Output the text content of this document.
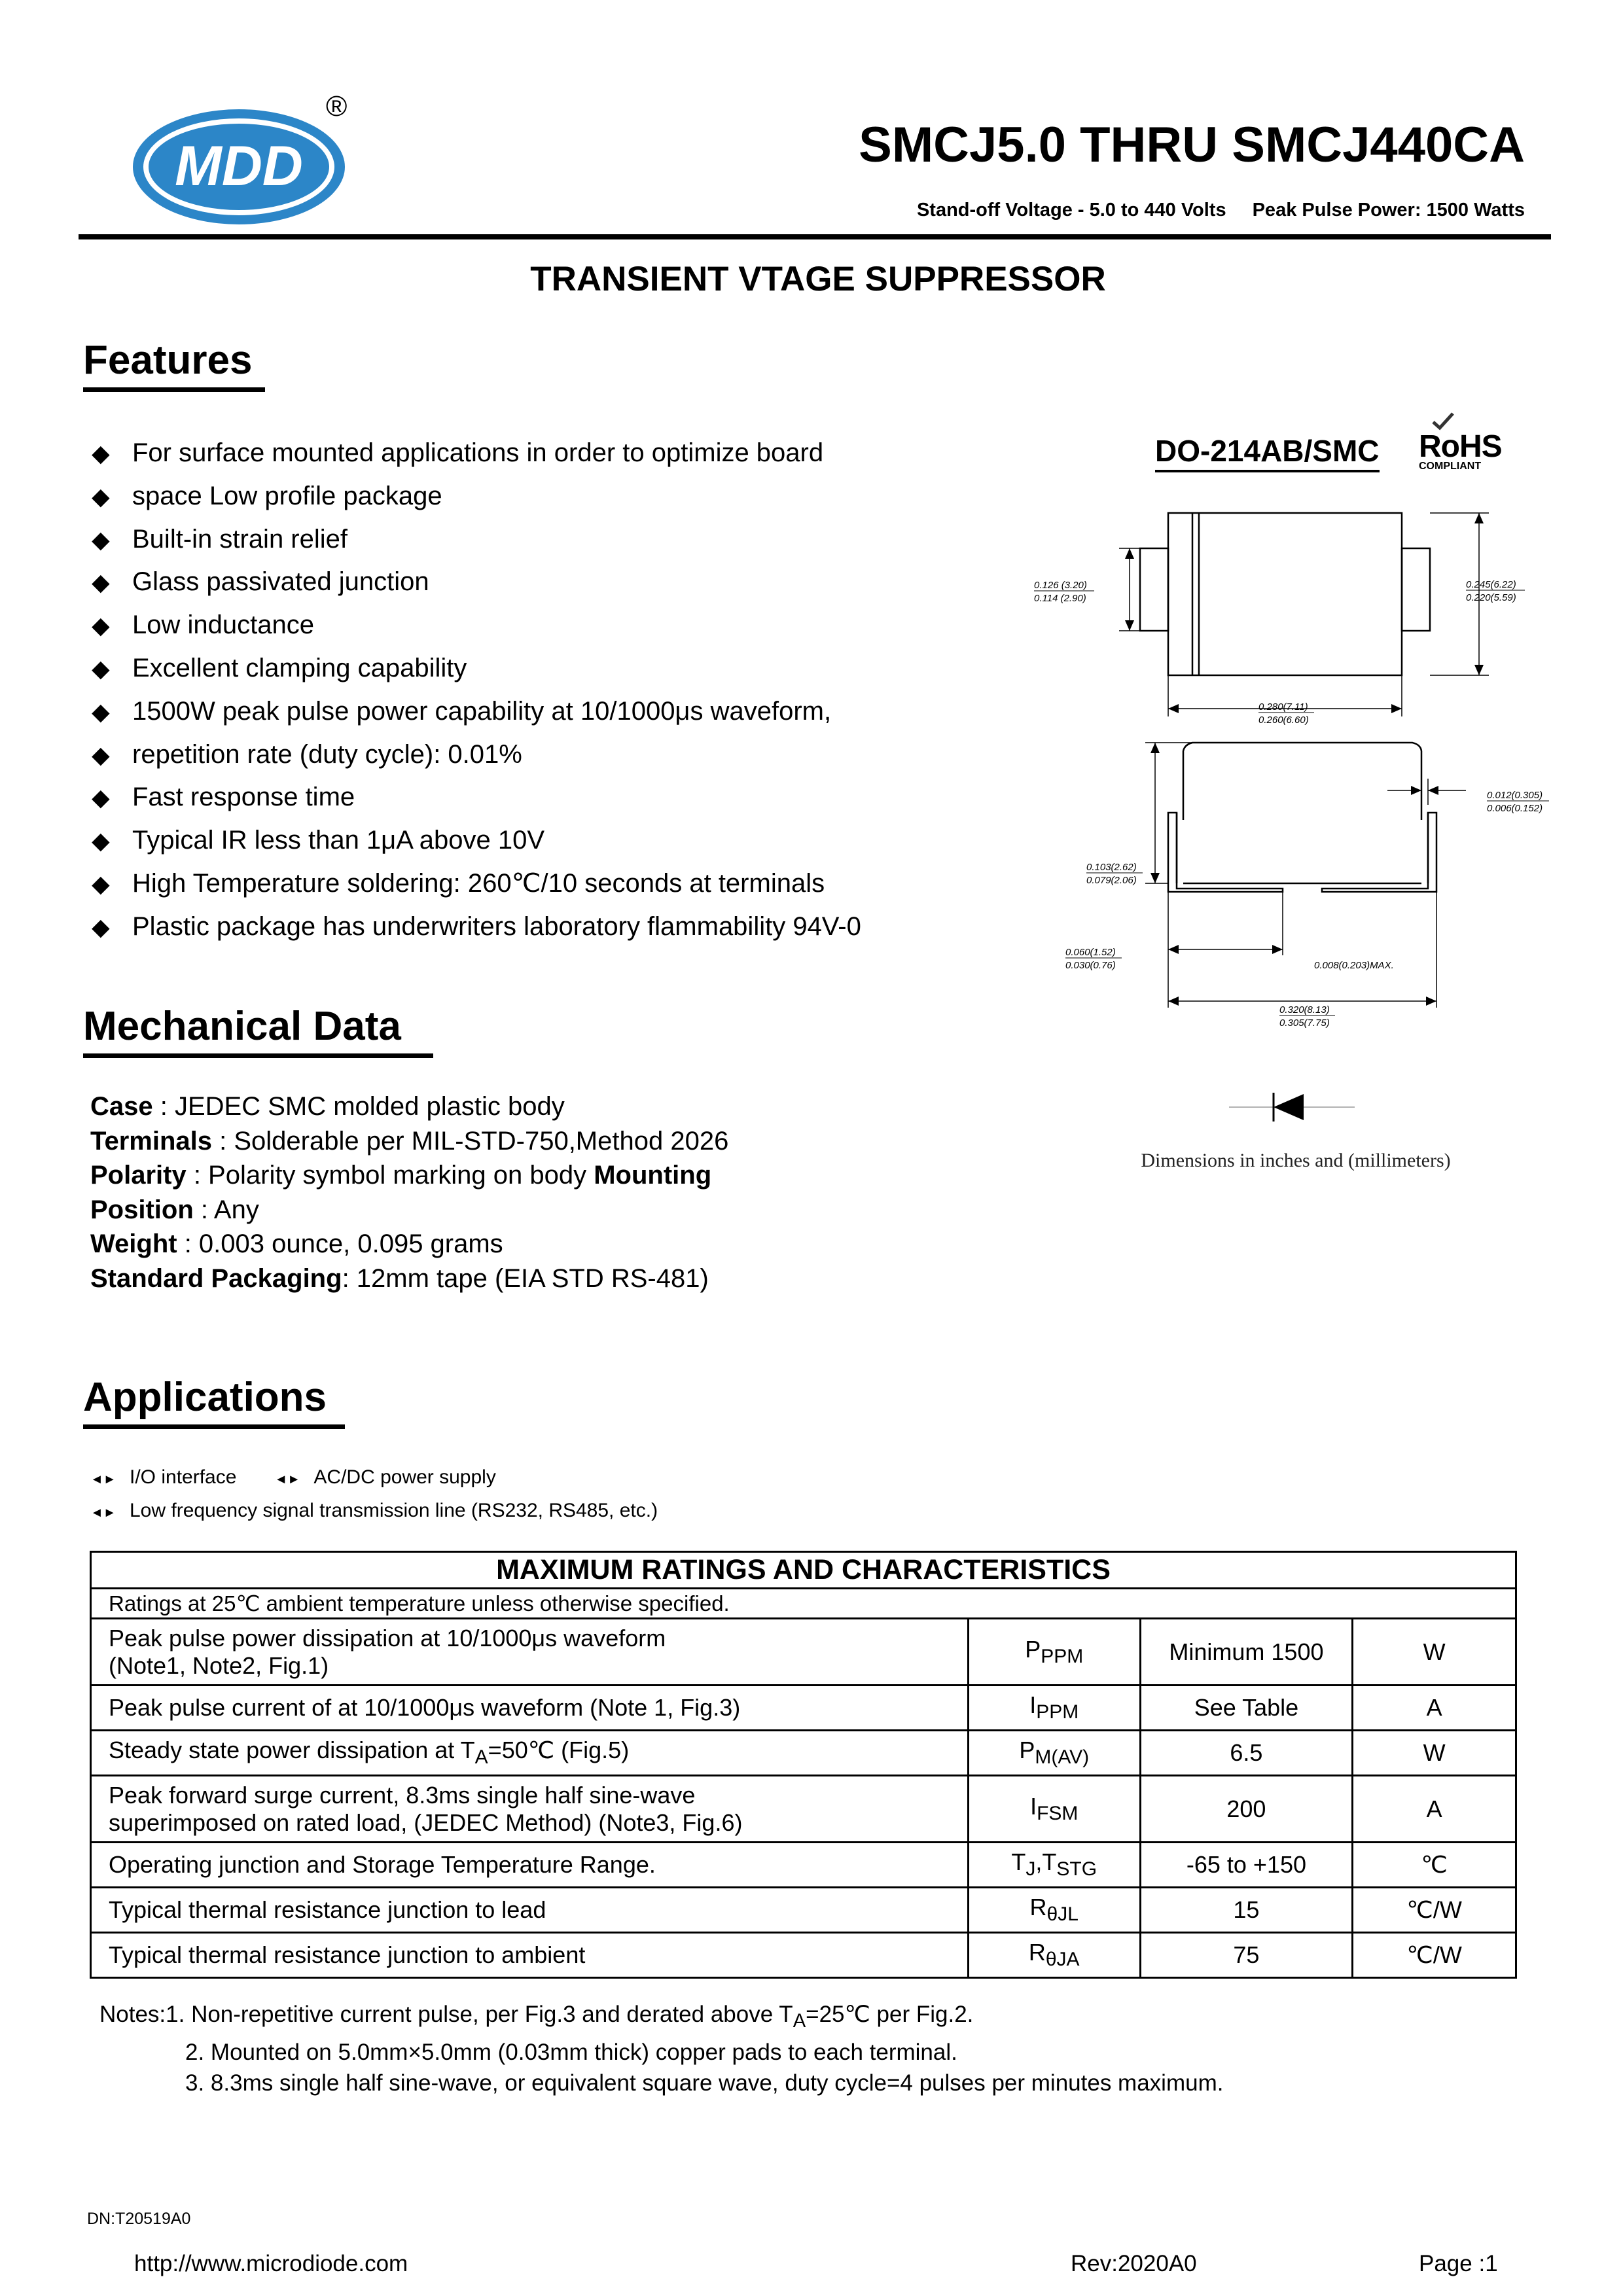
MDD
®
SMCJ5.0 THRU SMCJ440CA
Stand-off Voltage - 5.0 to 440 Volts Peak Pulse Power: 1500 Watts
TRANSIENT VTAGE SUPPRESSOR
Features
◆ For surface mounted applications in order to optimize board
◆ space Low profile package
◆ Built-in strain relief
◆ Glass passivated junction
◆ Low inductance
◆ Excellent clamping capability
◆ 1500W peak pulse power capability at 10/1000μs waveform,
◆ repetition rate (duty cycle): 0.01%
◆ Fast response time
◆ Typical IR less than 1μA above 10V
◆ High Temperature soldering: 260℃/10 seconds at terminals
◆ Plastic package has underwriters laboratory flammability 94V-0
DO-214AB/SMC RoHS
COMPLIANT
0.126 (3.20)
0.114 (2.90)
0.245(6.22)
0.220(5.59)
0.280(7.11)
0.260(6.60)
0.012(0.305)
0.006(0.152)
0.103(2.62)
0.079(2.06)
0.060(1.52)
0.030(0.76)	0.008(0.203)MAX.
0.320(8.13)
0.305(7.75)
Dimensions in inches and (millimeters)
Mechanical Data
Case : JEDEC SMC molded plastic body
Terminals : Solderable per MIL-STD-750,Method 2026
Polarity : Polarity symbol marking on body Mounting
Position : Any
Weight : 0.003 ounce, 0.095 grams
Standard Packaging: 12mm tape (EIA STD RS-481)
Applications
◄► I/O interface	◄► AC/DC power supply
◄► Low frequency signal transmission line (RS232, RS485, etc.)
MAXIMUM RATINGS AND CHARACTERISTICS			
Ratings at 25℃ ambient temperature unless otherwise specified.			

Peak pulse power dissipation at 10/1000μs waveform
(Note1, Note2, Fig.1)	$P_{PPM}$	Minimum 1500	W
Peak pulse current of at 10/1000μs waveform (Note 1, Fig.3)	$I_{PPM}$	See Table	A
Steady state power dissipation at $T_A=50℃$ (Fig.5)	$P_{M(AV)}$	6.5	W

Peak forward surge current, 8.3ms single half sine-wave
superimposed on rated load, (JEDEC Method) (Note3, Fig.6)	$I_{FSM}$	200	A
Operating junction and Storage Temperature Range.	$T_J,T_{STG}$	-65 to +150	℃
Typical thermal resistance junction to lead	$R_{\theta JL}$	15	℃/W
Typical thermal resistance junction to ambient	$R_{\theta JA}$	75	℃/W
Notes:1. Non-repetitive current pulse, per Fig.3 and derated above $T_A=25℃$ per Fig.2.
2. Mounted on 5.0mm×5.0mm (0.03mm thick) copper pads to each terminal.
3. 8.3ms single half sine-wave, or equivalent square wave, duty cycle=4 pulses per minutes maximum.
DN:T20519A0
http://www.microdiode.com	Rev:2020A0	Page :1
